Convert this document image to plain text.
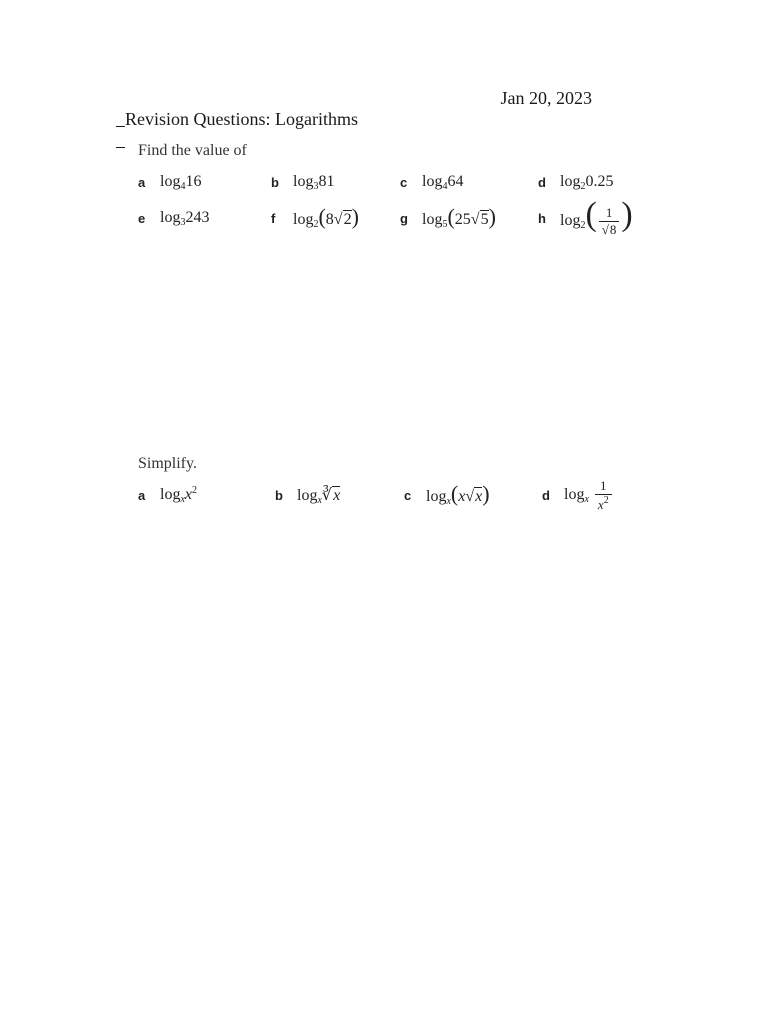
Revision Questions: Logarithms

Jan 20, 2023

Find the value of
a $\log_416$	b $\log_381$	c $\log_464$	d $\log_20.25$
e $\log_3243$	f	$\log_2(8√2)$	g $\log_5(25√5)$	h $\log_2( \frac{1}{√8}$ )
Simplify.
a $\log_xx^2$	b $\log_x∛x$	c $\log_x(x√x)$	d $\log_x \frac{1}{x^2}$
